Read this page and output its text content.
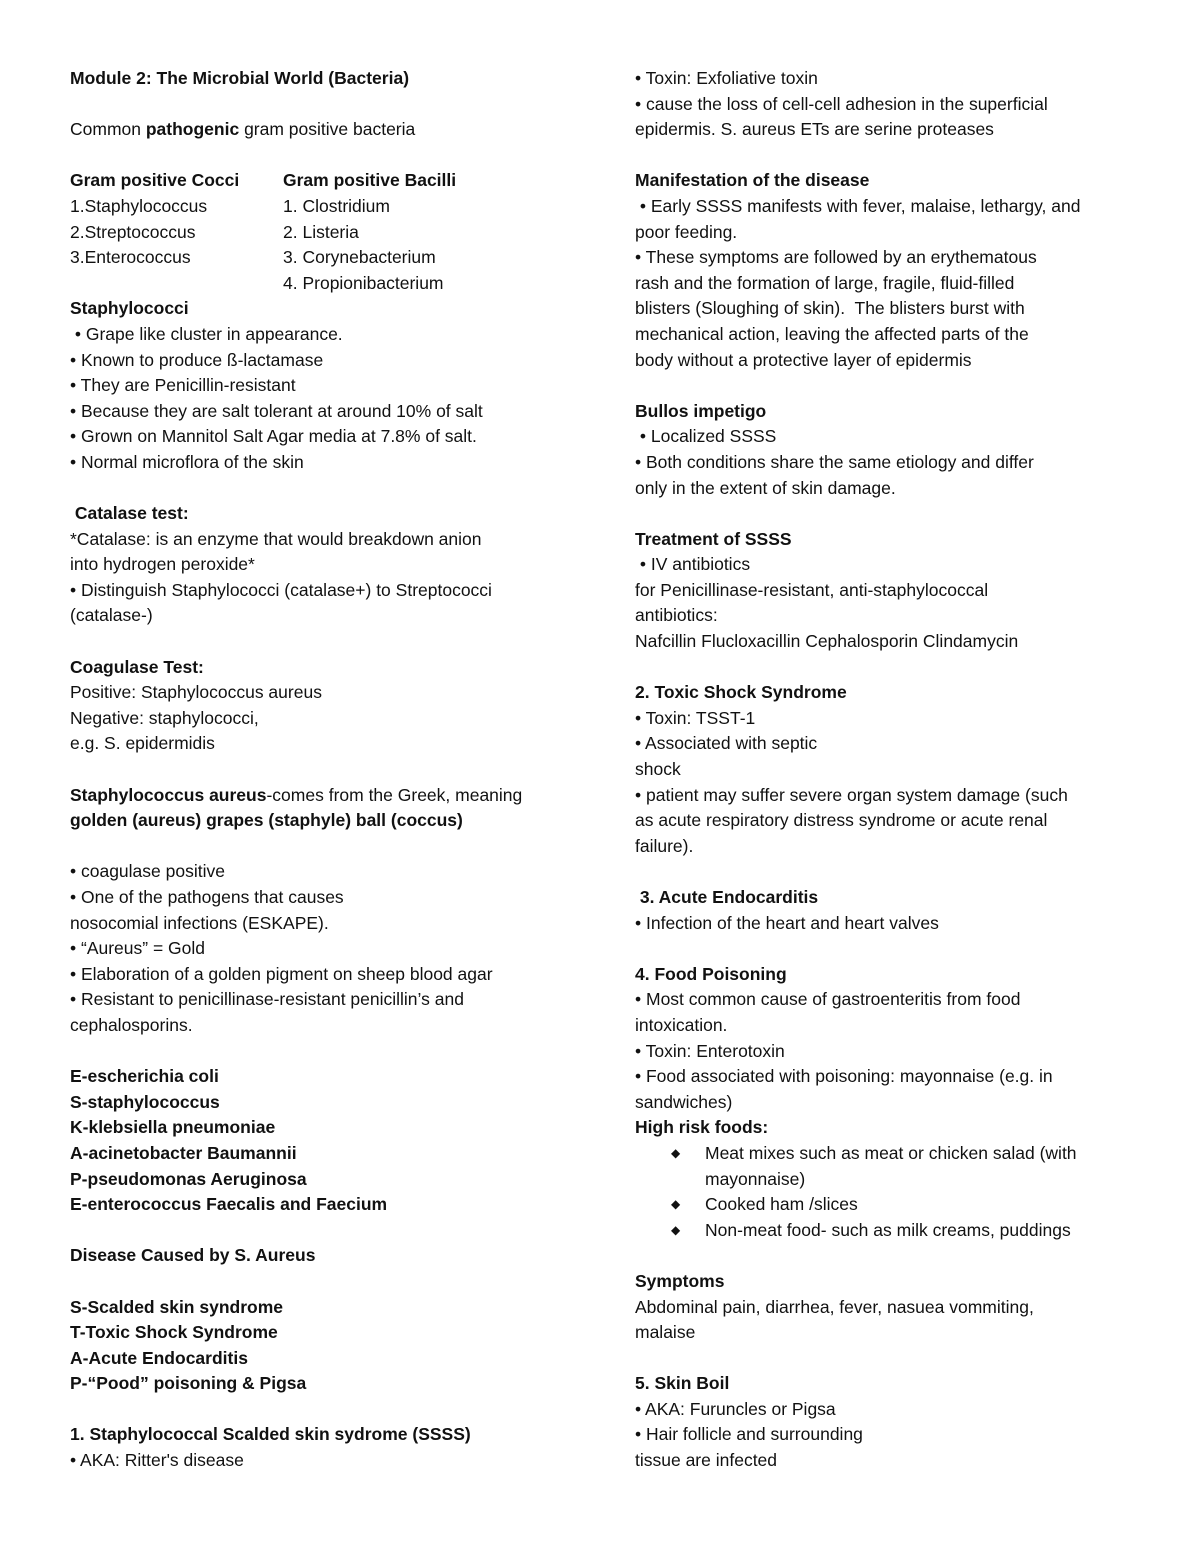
Module 2: The Microbial World (Bacteria)
Common pathogenic gram positive bacteria
Gram positive Cocci
1.Staphylococcus
2.Streptococcus
3.Enterococcus
Gram positive Bacilli
1. Clostridium
2. Listeria
3. Corynebacterium
4. Propionibacterium
Staphylococci
• Grape like cluster in appearance.
• Known to produce ß-lactamase
• They are Penicillin-resistant
• Because they are salt tolerant at around 10% of salt
• Grown on Mannitol Salt Agar media at 7.8% of salt.
• Normal microflora of the skin
Catalase test:
*Catalase: is an enzyme that would breakdown anion
into hydrogen peroxide*
• Distinguish Staphylococci (catalase+) to Streptococci
(catalase-)
Coagulase Test:
Positive: Staphylococcus aureus
Negative: staphylococci,
e.g. S. epidermidis
Staphylococcus aureus-comes from the Greek, meaning
golden (aureus) grapes (staphyle) ball (coccus)
• coagulase positive
• One of the pathogens that causes
nosocomial infections (ESKAPE).
• “Aureus” = Gold
• Elaboration of a golden pigment on sheep blood agar
• Resistant to penicillinase-resistant penicillin’s and
cephalosporins.
E-escherichia coli
S-staphylococcus
K-klebsiella pneumoniae
A-acinetobacter Baumannii
P-pseudomonas Aeruginosa
E-enterococcus Faecalis and Faecium
Disease Caused by S. Aureus
S-Scalded skin syndrome
T-Toxic Shock Syndrome
A-Acute Endocarditis
P-“Pood” poisoning & Pigsa
1. Staphylococcal Scalded skin sydrome (SSSS)
• AKA: Ritter's disease
• Toxin: Exfoliative toxin
• cause the loss of cell-cell adhesion in the superficial
epidermis. S. aureus ETs are serine proteases
Manifestation of the disease
• Early SSSS manifests with fever, malaise, lethargy, and
poor feeding.
• These symptoms are followed by an erythematous
rash and the formation of large, fragile, fluid-filled
blisters (Sloughing of skin).  The blisters burst with
mechanical action, leaving the affected parts of the
body without a protective layer of epidermis
Bullos impetigo
• Localized SSSS
• Both conditions share the same etiology and differ
only in the extent of skin damage.
Treatment of SSSS
• IV antibiotics
for Penicillinase-resistant, anti-staphylococcal
antibiotics:
Nafcillin Flucloxacillin Cephalosporin Clindamycin
2. Toxic Shock Syndrome
• Toxin: TSST-1
• Associated with septic
shock
• patient may suffer severe organ system damage (such
as acute respiratory distress syndrome or acute renal
failure).
3. Acute Endocarditis
• Infection of the heart and heart valves
4. Food Poisoning
• Most common cause of gastroenteritis from food
intoxication.
• Toxin: Enterotoxin
• Food associated with poisoning: mayonnaise (e.g. in
sandwiches)
High risk foods:
◆ Meat mixes such as meat or chicken salad (with
mayonnaise)
◆ Cooked ham /slices
◆ Non-meat food- such as milk creams, puddings
Symptoms
Abdominal pain, diarrhea, fever, nasuea vommiting,
malaise
5. Skin Boil
• AKA: Furuncles or Pigsa
• Hair follicle and surrounding
tissue are infected
